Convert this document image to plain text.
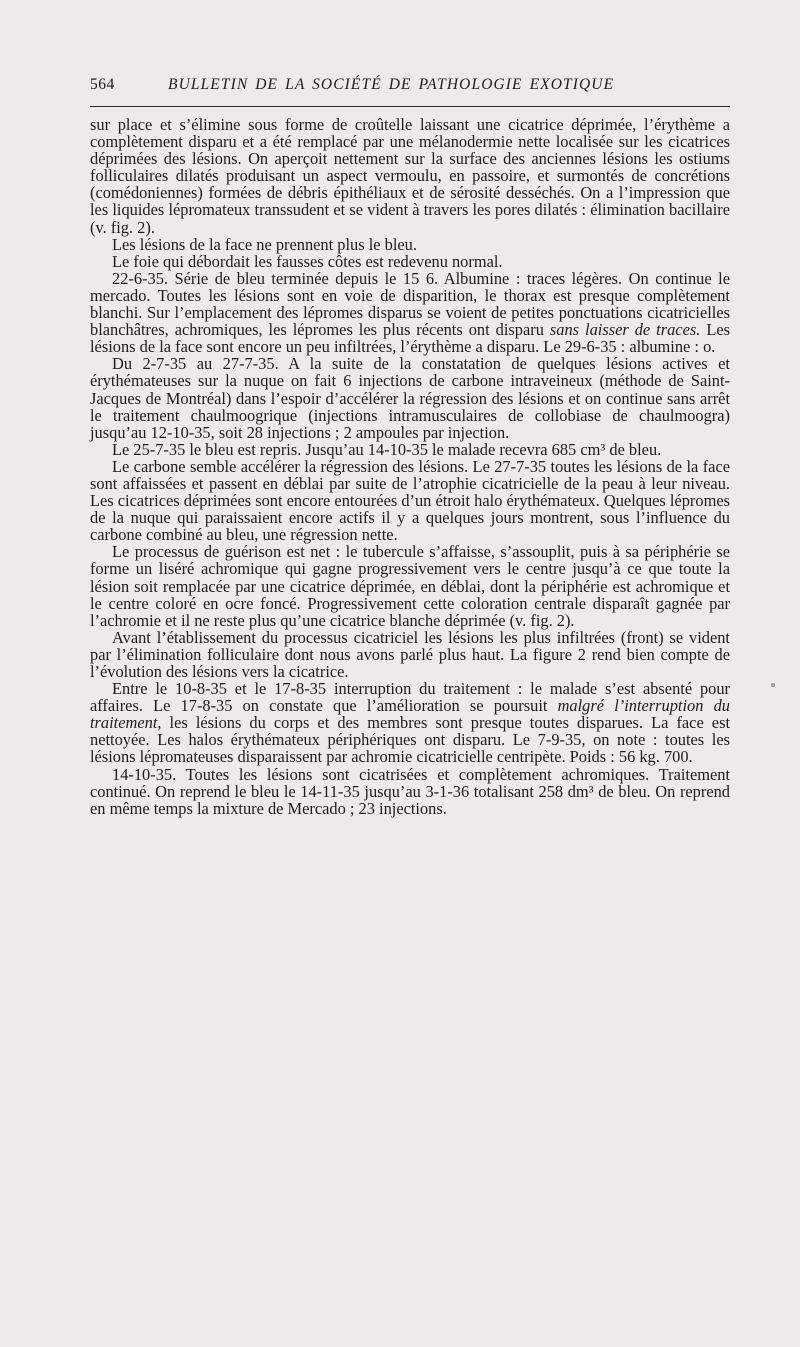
564	BULLETIN DE LA SOCIÉTÉ DE PATHOLOGIE EXOTIQUE

sur place et s’élimine sous forme de croûtelle laissant une cicatrice déprimée, l’érythème a complètement disparu et a été remplacé par une mélanodermie nette localisée sur les cicatrices déprimées des lésions. On aperçoit nettement sur la surface des anciennes lésions les ostiums folliculaires dilatés produisant un aspect vermoulu, en passoire, et surmontés de concrétions (comédoniennes) formées de débris épithéliaux et de sérosité desséchés. On a l’impression que les liquides lépromateux transsudent et se vident à travers les pores dilatés : élimination bacillaire (v. fig. 2).

Les lésions de la face ne prennent plus le bleu.

Le foie qui débordait les fausses côtes est redevenu normal.

22-6-35. Série de bleu terminée depuis le 15 6. Albumine : traces légères. On continue le mercado. Toutes les lésions sont en voie de disparition, le thorax est presque complètement blanchi. Sur l’emplacement des lépromes disparus se voient de petites ponctuations cicatricielles blanchâtres, achromiques, les lépromes les plus récents ont disparu sans laisser de traces. Les lésions de la face sont encore un peu infiltrées, l’érythème a disparu. Le 29-6-35 : albumine : o.

Du 2-7-35 au 27-7-35. A la suite de la constatation de quelques lésions actives et érythémateuses sur la nuque on fait 6 injections de carbone intraveineux (méthode de Saint-Jacques de Montréal) dans l’espoir d’accélérer la régression des lésions et on continue sans arrêt le traitement chaulmoogrique (injections intramusculaires de collobiase de chaulmoogra) jusqu’au 12-10-35, soit 28 injections ; 2 ampoules par injection.

Le 25-7-35 le bleu est repris. Jusqu’au 14-10-35 le malade recevra 685 cm³ de bleu.

Le carbone semble accélérer la régression des lésions. Le 27-7-35 toutes les lésions de la face sont affaissées et passent en déblai par suite de l’atrophie cicatricielle de la peau à leur niveau. Les cicatrices déprimées sont encore entourées d’un étroit halo érythémateux. Quelques lépromes de la nuque qui paraissaient encore actifs il y a quelques jours montrent, sous l’influence du carbone combiné au bleu, une régression nette.

Le processus de guérison est net : le tubercule s’affaisse, s’assouplit, puis à sa périphérie se forme un liséré achromique qui gagne progressivement vers le centre jusqu’à ce que toute la lésion soit remplacée par une cicatrice déprimée, en déblai, dont la périphérie est achromique et le centre coloré en ocre foncé. Progressivement cette coloration centrale disparaît gagnée par l’achromie et il ne reste plus qu’une cicatrice blanche déprimée (v. fig. 2).

Avant l’établissement du processus cicatriciel les lésions les plus infiltrées (front) se vident par l’élimination folliculaire dont nous avons parlé plus haut. La figure 2 rend bien compte de l’évolution des lésions vers la cicatrice.

Entre le 10-8-35 et le 17-8-35 interruption du traitement : le malade s’est absenté pour affaires. Le 17-8-35 on constate que l’amélioration se poursuit malgré l’interruption du traitement, les lésions du corps et des membres sont presque toutes disparues. La face est nettoyée. Les halos érythémateux périphériques ont disparu. Le 7-9-35, on note : toutes les lésions lépromateuses disparaissent par achromie cicatricielle centripète. Poids : 56 kg. 700.

14-10-35. Toutes les lésions sont cicatrisées et complètement achromiques. Traitement continué. On reprend le bleu le 14-11-35 jusqu’au 3-1-36 totalisant 258 dm³ de bleu. On reprend en même temps la mixture de Mercado ; 23 injections.
